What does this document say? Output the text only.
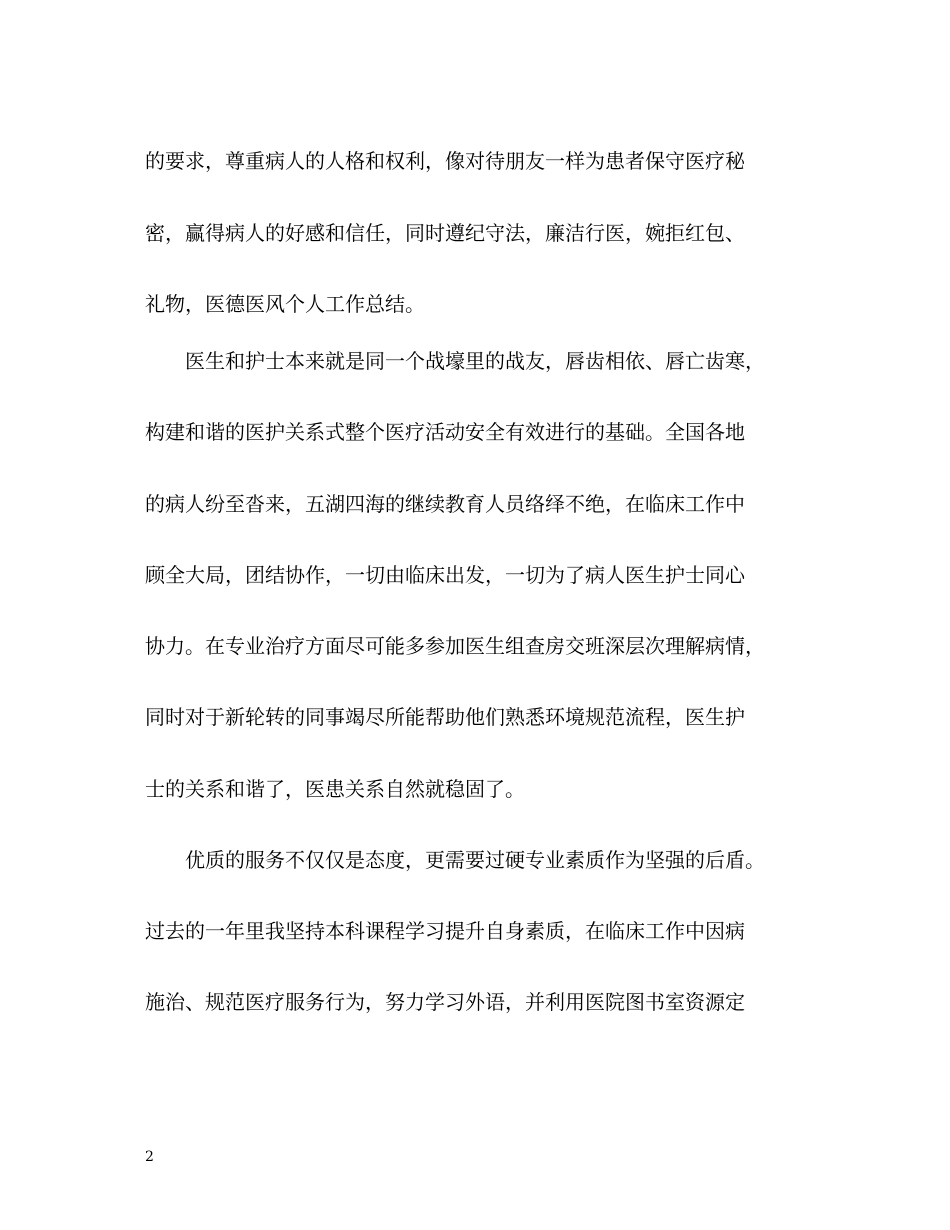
的要求，尊重病人的人格和权利，像对待朋友一样为患者保守医疗秘
密，赢得病人的好感和信任，同时遵纪守法，廉洁行医，婉拒红包、
礼物，医德医风个人工作总结。
　　医生和护士本来就是同一个战壕里的战友，唇齿相依、唇亡齿寒，
构建和谐的医护关系式整个医疗活动安全有效进行的基础。全国各地
的病人纷至沓来，五湖四海的继续教育人员络绎不绝，在临床工作中
顾全大局，团结协作，一切由临床出发，一切为了病人医生护士同心
协力。在专业治疗方面尽可能多参加医生组查房交班深层次理解病情，
同时对于新轮转的同事竭尽所能帮助他们熟悉环境规范流程，医生护
士的关系和谐了，医患关系自然就稳固了。
　　优质的服务不仅仅是态度，更需要过硬专业素质作为坚强的后盾。
过去的一年里我坚持本科课程学习提升自身素质，在临床工作中因病
施治、规范医疗服务行为，努力学习外语，并利用医院图书室资源定
2
